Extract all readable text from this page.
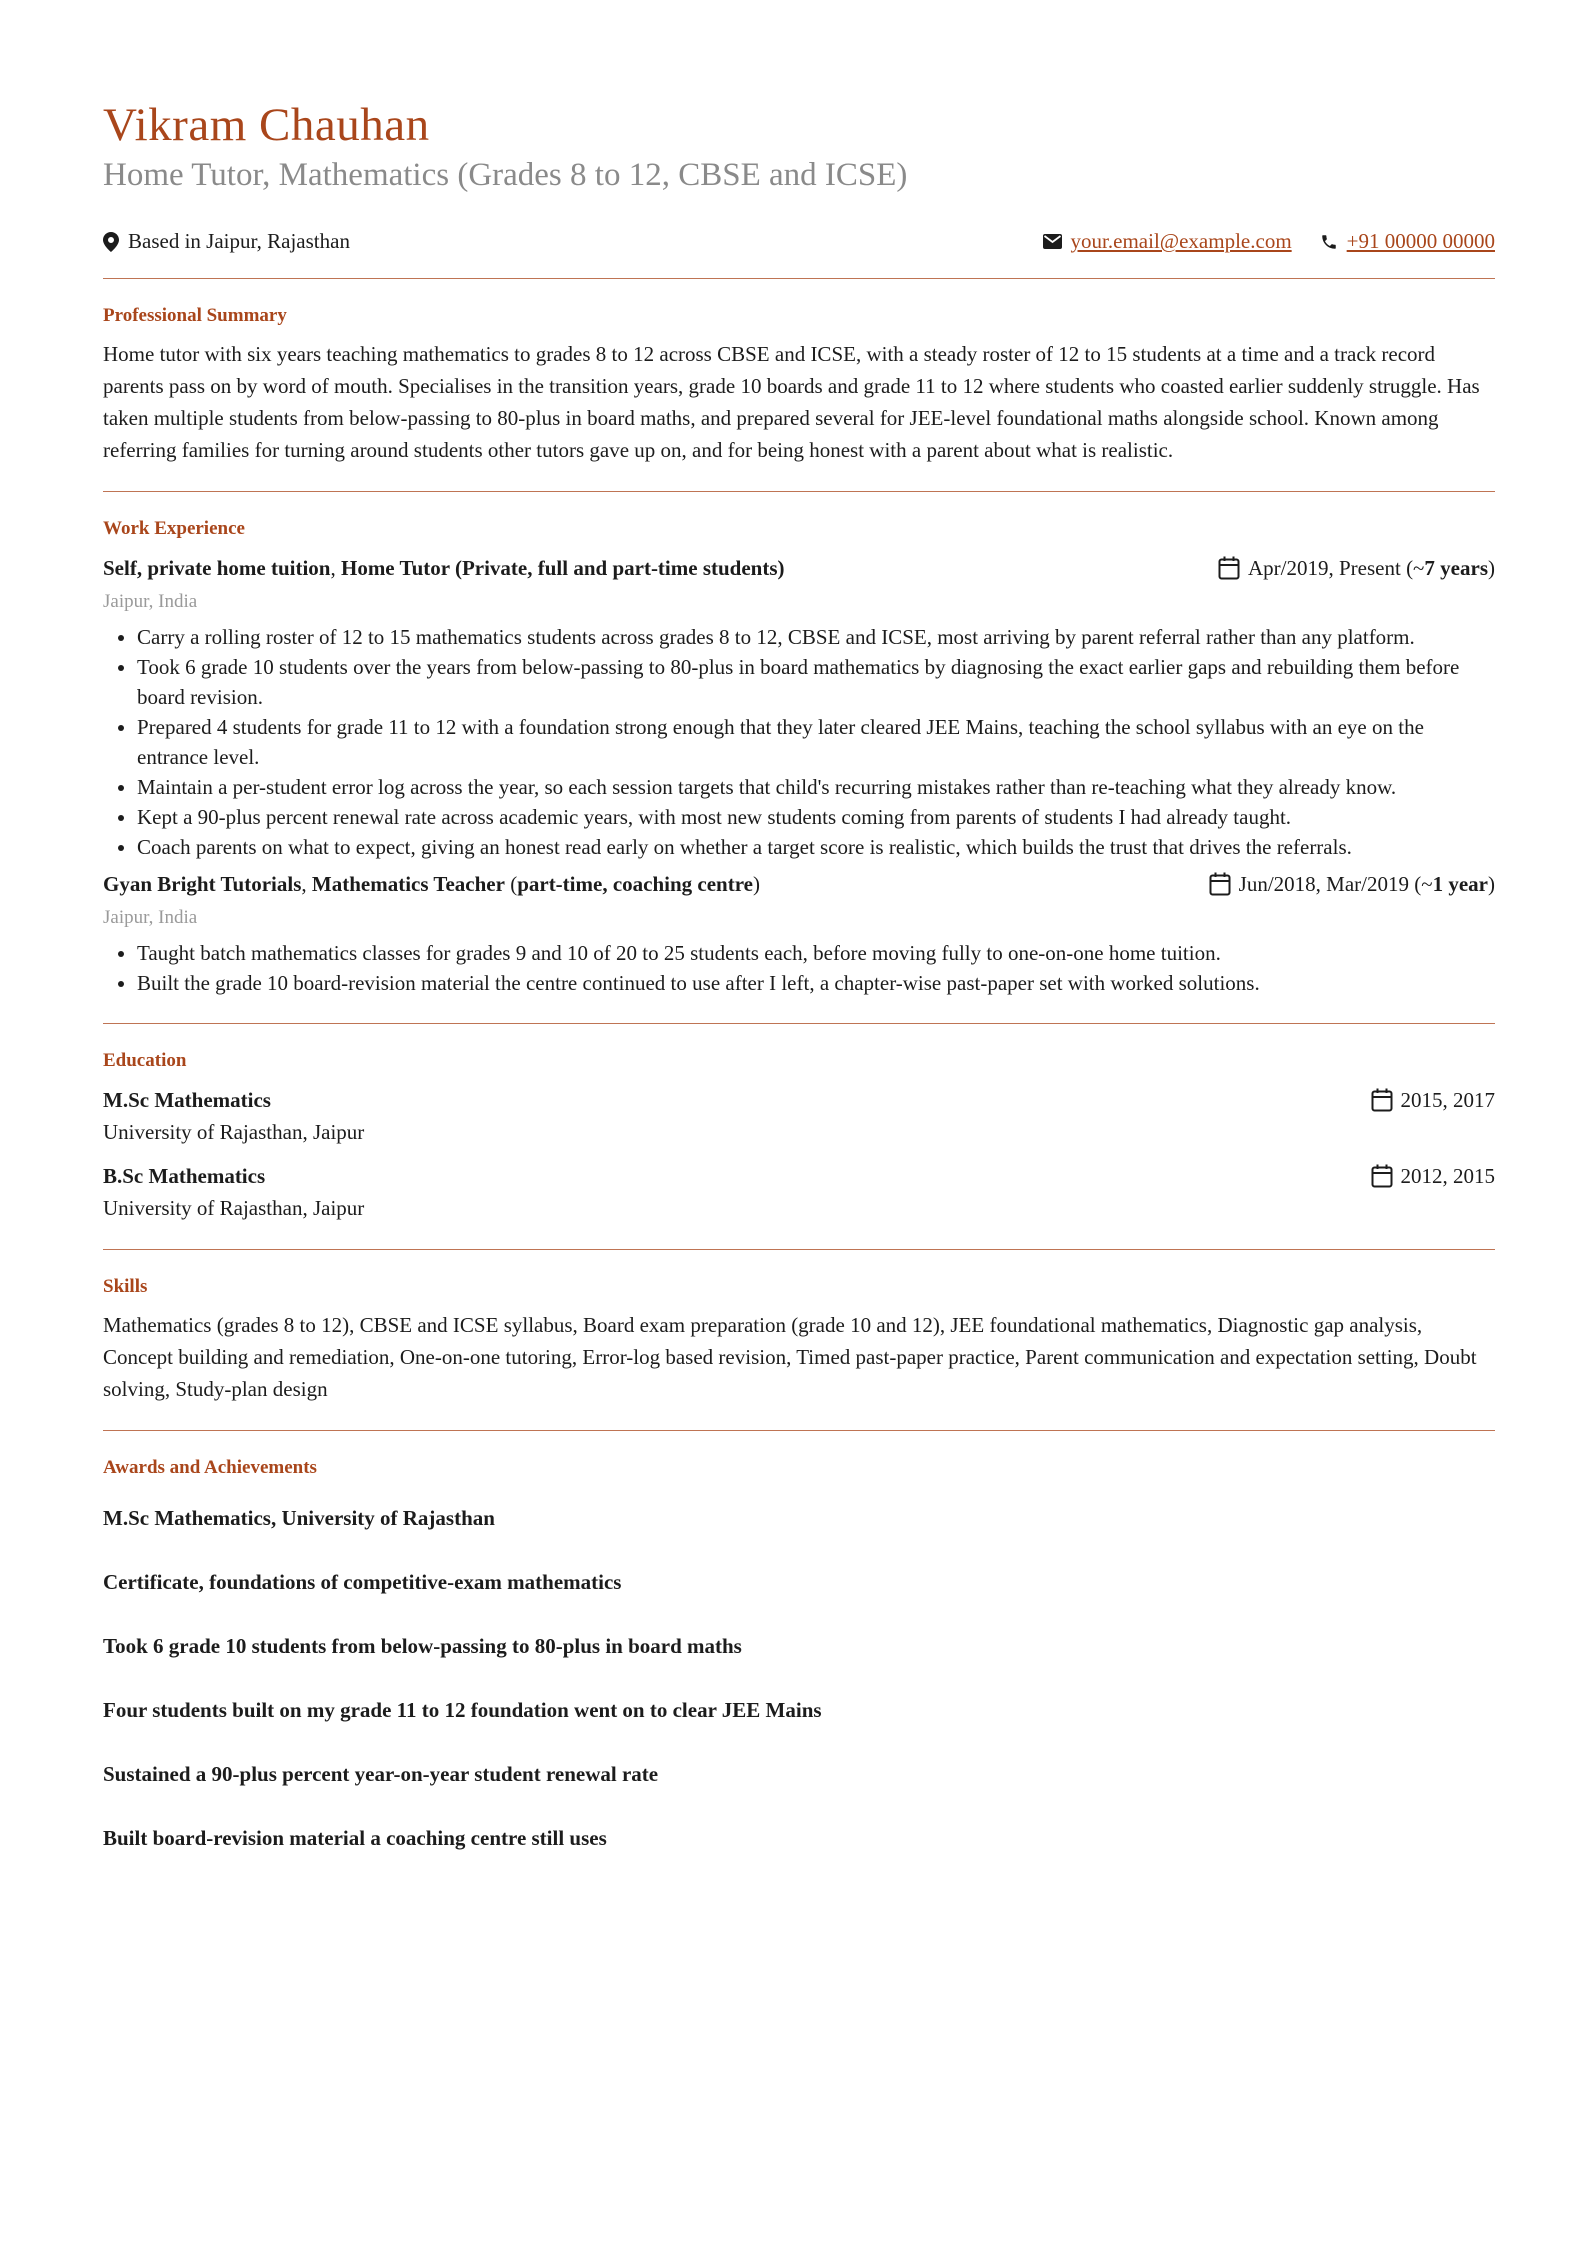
Vikram Chauhan
Home Tutor, Mathematics (Grades 8 to 12, CBSE and ICSE)
Based in Jaipur, Rajasthan	your.email@example.com	+91 00000 00000
Professional Summary

Home tutor with six years teaching mathematics to grades 8 to 12 across CBSE and ICSE, with a steady roster of 12 to 15 students at a time and a track record parents pass on by word of mouth. Specialises in the transition years, grade 10 boards and grade 11 to 12 where students who coasted earlier suddenly struggle. Has taken multiple students from below-passing to 80-plus in board maths, and prepared several for JEE-level foundational maths alongside school. Known among referring families for turning around students other tutors gave up on, and for being honest with a parent about what is realistic.

Work Experience
Self, private home tuition, Home Tutor (Private, full and part-time students)	Apr/2019, Present (~ 7 years )
Jaipur, India
• Carry a rolling roster of 12 to 15 mathematics students across grades 8 to 12, CBSE and ICSE, most arriving by parent referral rather than any platform.
• Took 6 grade 10 students over the years from below-passing to 80-plus in board mathematics by diagnosing the exact earlier gaps and rebuilding them before board revision.
• Prepared 4 students for grade 11 to 12 with a foundation strong enough that they later cleared JEE Mains, teaching the school syllabus with an eye on the entrance level.
• Maintain a per-student error log across the year, so each session targets that child's recurring mistakes rather than re-teaching what they already know.
• Kept a 90-plus percent renewal rate across academic years, with most new students coming from parents of students I had already taught.
• Coach parents on what to expect, giving an honest read early on whether a target score is realistic, which builds the trust that drives the referrals.
Gyan Bright Tutorials, Mathematics Teacher (part-time, coaching centre)	Jun/2018, Mar/2019 (~ 1 year )
Jaipur, India
• Taught batch mathematics classes for grades 9 and 10 of 20 to 25 students each, before moving fully to one-on-one home tuition.
• Built the grade 10 board-revision material the centre continued to use after I left, a chapter-wise past-paper set with worked solutions.
Education
M.Sc Mathematics	2015, 2017
University of Rajasthan, Jaipur
B.Sc Mathematics	2012, 2015
University of Rajasthan, Jaipur
Skills

Mathematics (grades 8 to 12), CBSE and ICSE syllabus, Board exam preparation (grade 10 and 12), JEE foundational mathematics, Diagnostic gap analysis, Concept building and remediation, One-on-one tutoring, Error-log based revision, Timed past-paper practice, Parent communication and expectation setting, Doubt solving, Study-plan design

Awards and Achievements

M.Sc Mathematics, University of Rajasthan

Certificate, foundations of competitive-exam mathematics

Took 6 grade 10 students from below-passing to 80-plus in board maths

Four students built on my grade 11 to 12 foundation went on to clear JEE Mains

Sustained a 90-plus percent year-on-year student renewal rate

Built board-revision material a coaching centre still uses
